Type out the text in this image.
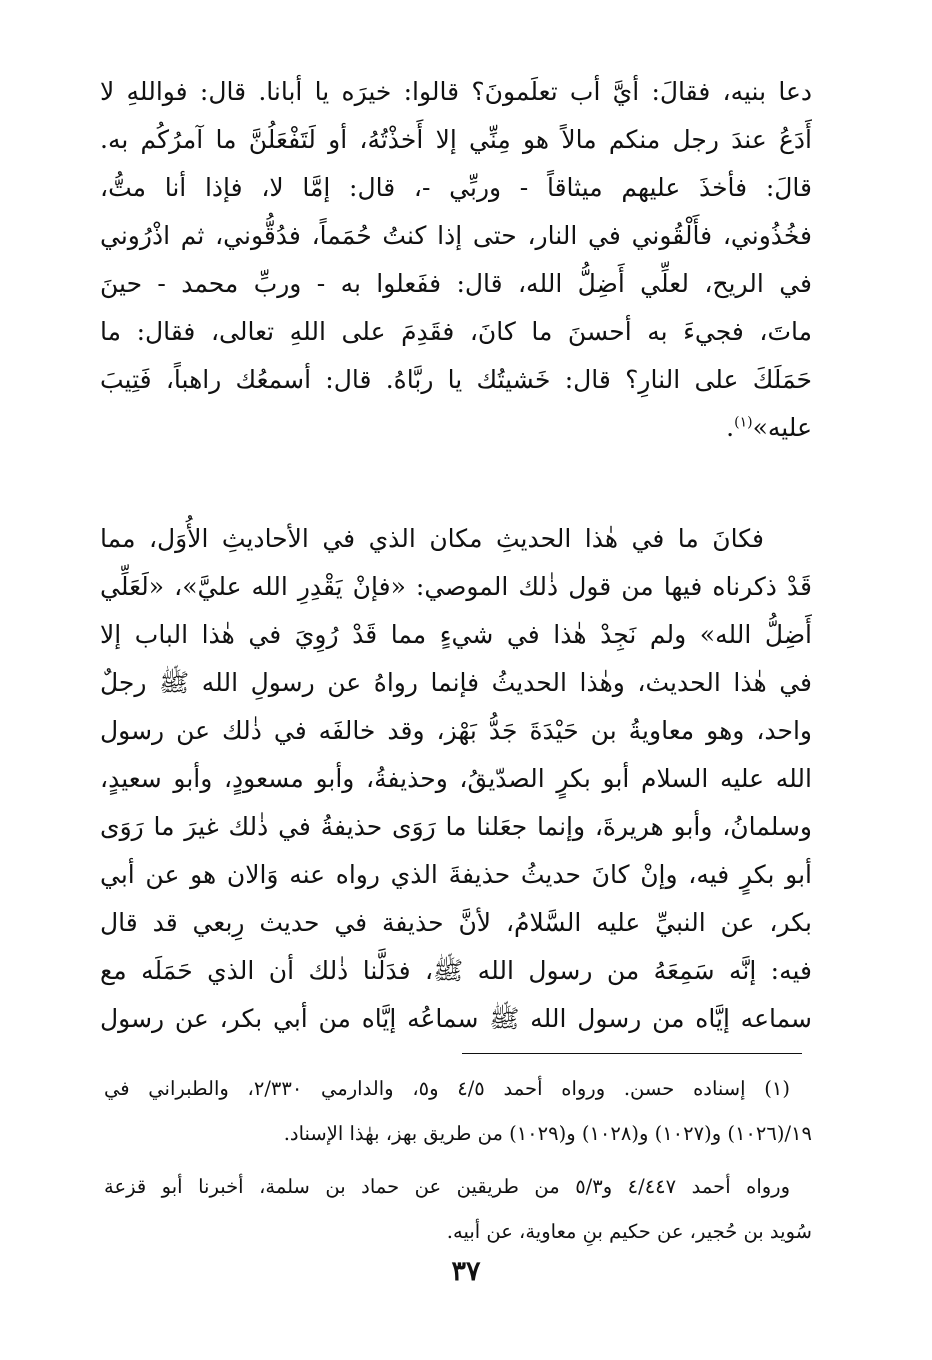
دعا بنيه، فقالَ: أيَّ أب تعلَمونَ؟ قالوا: خيرَه يا أبانا. قال: فواللهِ لا
أَدَعُ عندَ رجل منكم مالاً هو مِنِّي إلا أَخذْتُهُ، أو لَتَفْعَلُنَّ ما آمرُكُم به.
قالَ: فأخذَ عليهم ميثاقاً - وربِّي -، قال: إمَّا لا، فإذا أنا متُّ،
فخُذُوني، فأَلْقُوني في النار، حتى إذا كنتُ حُمَماً، فدُقُّوني، ثم اذْرُوني
في الريح، لعلِّي أَضِلُّ الله، قال: ففَعلوا به - وربِّ محمد - حينَ
ماتَ، فجيءَ به أحسنَ ما كانَ، فقَدِمَ على اللهِ تعالى، فقال: ما
حَمَلَكَ على النارِ؟ قال: خَشيتُك يا ربَّاهُ. قال: أسمعُك راهباً، فَتِيبَ
عليه»$^{(١)}$.
فكانَ ما في هٰذا الحديثِ مكان الذي في الأحاديثِ الأُوَل، مما
قَدْ ذكرناه فيها من قول ذٰلك الموصي: «فإنْ يَقْدِرِ الله عليَّ»، «لَعَلِّي
أَضِلُّ الله» ولم نَجِدْ هٰذا في شيءٍ مما قَدْ رُوِيَ في هٰذا الباب إلا
في هٰذا الحديث، وهٰذا الحديثُ فإنما رواهُ عن رسولِ الله ﷺ رجلٌ
واحد، وهو معاويةُ بن حَيْدَةَ جَدُّ بَهْز، وقد خالفَه في ذٰلك عن رسول
الله عليه السلام أبو بكرٍ الصدّيقُ، وحذيفةُ، وأبو مسعودٍ، وأبو سعيدٍ،
وسلمانُ، وأبو هريرةَ، وإنما جعَلنا ما رَوَى حذيفةُ في ذٰلك غيرَ ما رَوَى
أبو بكرٍ فيه، وإنْ كانَ حديثُ حذيفةَ الذي رواه عنه وَالان هو عن أبي
بكر، عن النبيِّ عليه السَّلامُ، لأنَّ حذيفة في حديث رِبعي قد قال
فيه: إنَّه سَمِعَهُ من رسول الله ﷺ، فدَلَّنا ذٰلك أن الذي حَمَلَه مع
سماعه إيَّاه من رسول الله ﷺ سماعُه إيَّاه من أبي بكر، عن رسول
(١) إسناده حسن. ورواه أحمد ٤/٥ و٥، والدارمي ٢/٣٣٠، والطبراني في
١٩/(١٠٢٦) و(١٠٢٧) و(١٠٢٨) و(١٠٢٩) من طريق بهز، بهٰذا الإسناد.
ورواه أحمد ٤/٤٤٧ و٥/٣ من طريقين عن حماد بن سلمة، أخبرنا أبو قزعة
سُويد بن حُجير، عن حكيم بنِ معاوية، عن أبيه.
٣٧
